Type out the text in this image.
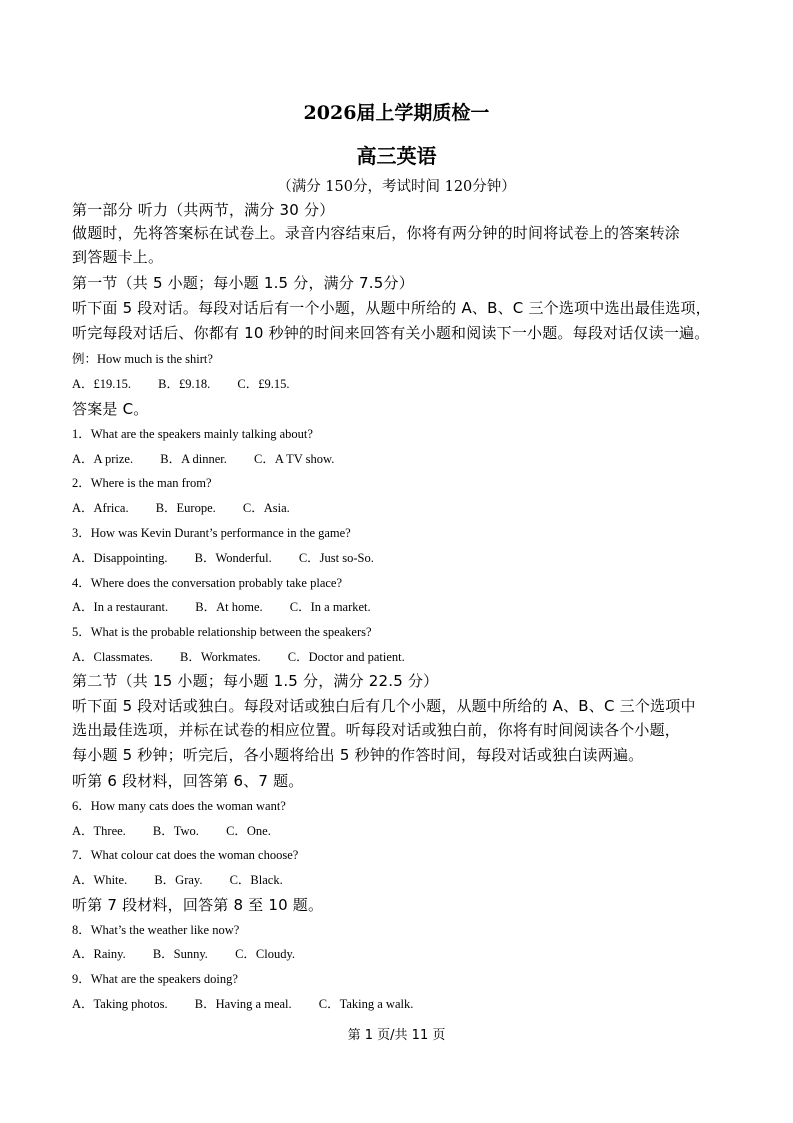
2026届上学期质检一
高三英语
（满分 150分，考试时间 120分钟）
第一部分 听力（共两节，满分 30 分）
做题时，先将答案标在试卷上。录音内容结束后，你将有两分钟的时间将试卷上的答案转涂
到答题卡上。
第一节（共 5 小题；每小题 1.5 分，满分 7.5分）
听下面 5 段对话。每段对话后有一个小题，从题中所给的 A、B、C 三个选项中选出最佳选项，
听完每段对话后、你都有 10 秒钟的时间来回答有关小题和阅读下一小题。每段对话仅读一遍。
例：How much is the shirt?
A．£19.15. B．£9.18. C．£9.15.
答案是 C。
1．What are the speakers mainly talking about?
A．A prize. B．A dinner. C．A TV show.
2．Where is the man from?
A．Africa. B．Europe. C．Asia.
3．How was Kevin Durant’s performance in the game?
A．Disappointing. B．Wonderful. C．Just so-So.
4．Where does the conversation probably take place?
A．In a restaurant. B．At home. C．In a market.
5．What is the probable relationship between the speakers?
A．Classmates. B．Workmates. C．Doctor and patient.
第二节（共 15 小题；每小题 1.5 分，满分 22.5 分）
听下面 5 段对话或独白。每段对话或独白后有几个小题，从题中所给的 A、B、C 三个选项中
选出最佳选项，并标在试卷的相应位置。听每段对话或独白前，你将有时间阅读各个小题，
每小题 5 秒钟；听完后，各小题将给出 5 秒钟的作答时间，每段对话或独白读两遍。
听第 6 段材料，回答第 6、7 题。
6．How many cats does the woman want?
A．Three. B．Two. C．One.
7．What colour cat does the woman choose?
A．White. B．Gray. C．Black.
听第 7 段材料，回答第 8 至 10 题。
8．What’s the weather like now?
A．Rainy. B．Sunny. C．Cloudy.
9．What are the speakers doing?
A．Taking photos. B．Having a meal. C．Taking a walk.
第 1 页/共 11 页
